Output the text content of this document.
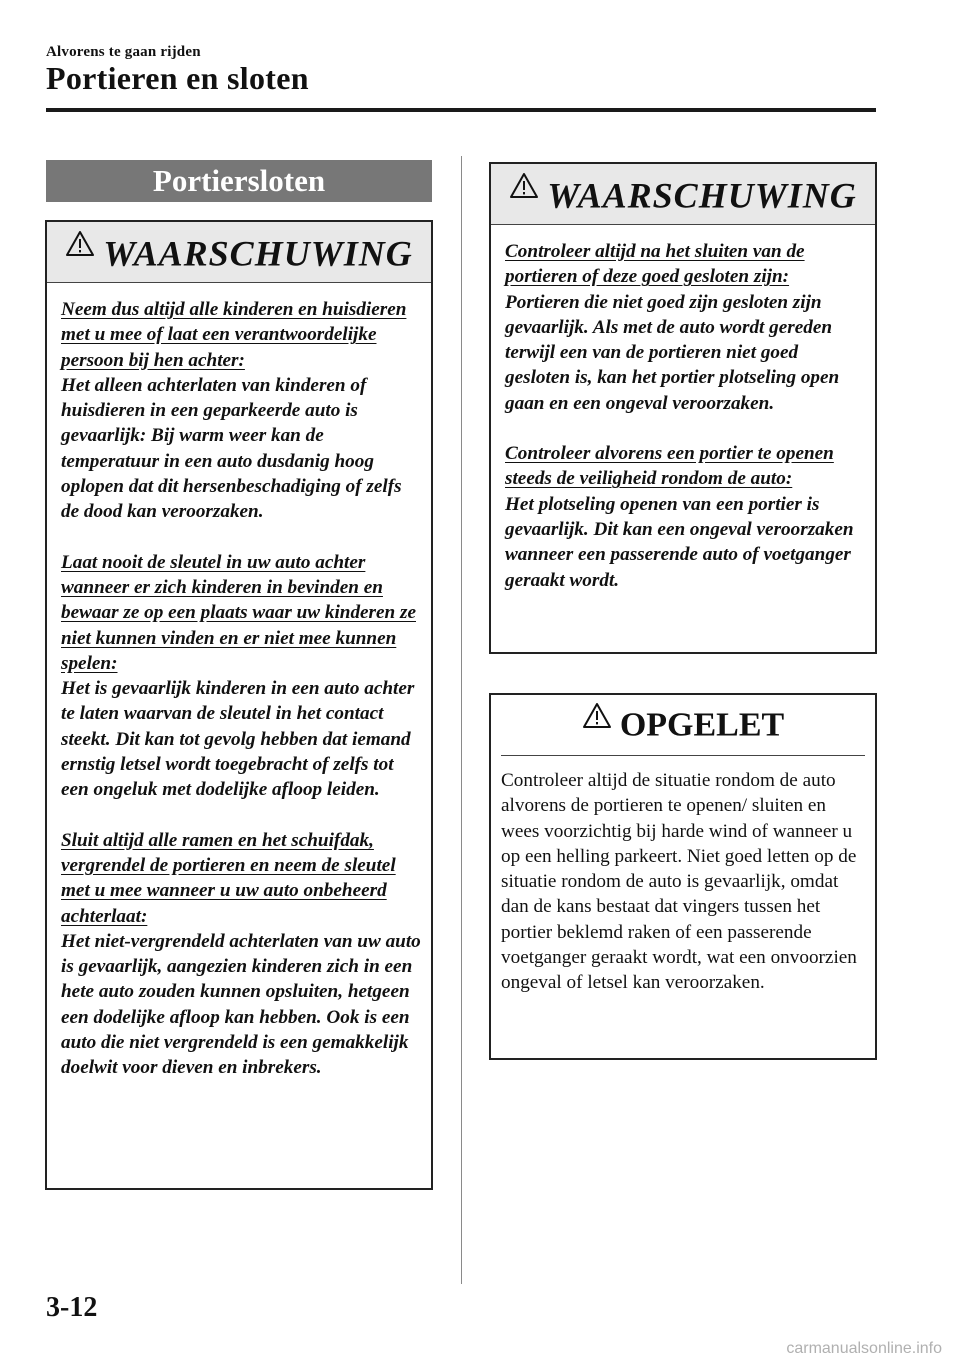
Alvorens te gaan rijden
Portieren en sloten
Portiersloten
WAARSCHUWING
Neem dus altijd alle kinderen en huisdieren met u mee of laat een verantwoordelijke persoon bij hen achter:
Het alleen achterlaten van kinderen of huisdieren in een geparkeerde auto is gevaarlijk: Bij warm weer kan de temperatuur in een auto dusdanig hoog oplopen dat dit hersenbeschadiging of zelfs de dood kan veroorzaken.
Laat nooit de sleutel in uw auto achter wanneer er zich kinderen in bevinden en bewaar ze op een plaats waar uw kinderen ze niet kunnen vinden en er niet mee kunnen spelen:
Het is gevaarlijk kinderen in een auto achter te laten waarvan de sleutel in het contact steekt. Dit kan tot gevolg hebben dat iemand ernstig letsel wordt toegebracht of zelfs tot een ongeluk met dodelijke afloop leiden.
Sluit altijd alle ramen en het schuifdak, vergrendel de portieren en neem de sleutel met u mee wanneer u uw auto onbeheerd achterlaat:
Het niet-vergrendeld achterlaten van uw auto is gevaarlijk, aangezien kinderen zich in een hete auto zouden kunnen opsluiten, hetgeen een dodelijke afloop kan hebben. Ook is een auto die niet vergrendeld is een gemakkelijk doelwit voor dieven en inbrekers.
WAARSCHUWING
Controleer altijd na het sluiten van de portieren of deze goed gesloten zijn:
Portieren die niet goed zijn gesloten zijn gevaarlijk. Als met de auto wordt gereden terwijl een van de portieren niet goed gesloten is, kan het portier plotseling open gaan en een ongeval veroorzaken.
Controleer alvorens een portier te openen steeds de veiligheid rondom de auto:
Het plotseling openen van een portier is gevaarlijk. Dit kan een ongeval veroorzaken wanneer een passerende auto of voetganger geraakt wordt.
OPGELET
Controleer altijd de situatie rondom de auto alvorens de portieren te openen/ sluiten en wees voorzichtig bij harde wind of wanneer u op een helling parkeert. Niet goed letten op de situatie rondom de auto is gevaarlijk, omdat dan de kans bestaat dat vingers tussen het portier beklemd raken of een passerende voetganger geraakt wordt, wat een onvoorzien ongeval of letsel kan veroorzaken.
3-12
carmanualsonline.info
